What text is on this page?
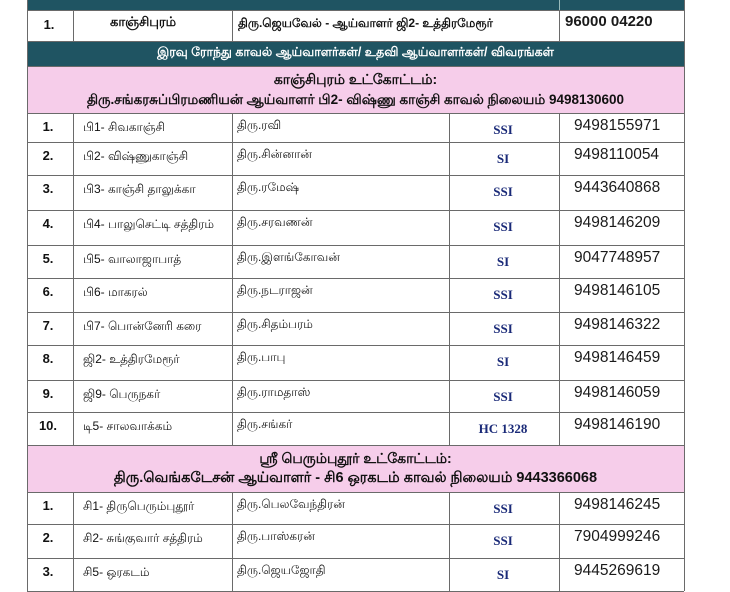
1.	காஞ்சிபுரம்	திரு.ஜெயவேல் - ஆய்வாளர் ஜி2- உத்திரமேரூர்	96000 04220
இரவு ரோந்து காவல் ஆய்வாளர்கள்/ உதவி ஆய்வாளர்கள்/ விவரங்கள்
காஞ்சிபுரம் உட்கோட்டம்:
திரு.சங்கரசுப்பிரமணியன் ஆய்வாளர் பி2- விஷ்ணு காஞ்சி காவல் நிலையம் 9498130600
1.	பி1- சிவகாஞ்சி	திரு.ரவி	SSI	9498155971
2.	பி2- விஷ்ணுகாஞ்சி	திரு.சின்னான்	SI	9498110054
3.	பி3- காஞ்சி தாலுக்கா	திரு.ரமேஷ்	SSI	9443640868
4.	பி4- பாலுசெட்டி சத்திரம் திரு.சரவணன்	SSI	9498146209
5.	பி5- வாலாஜாபாத்	திரு.இளங்கோவன்	SI	9047748957
6.	பி6- மாகரல்	திரு.நடராஜன்	SSI	9498146105
7.	பி7- பொன்னேரி கரை	திரு.சிதம்பரம்	SSI	9498146322
8.	ஜி2- உத்திரமேரூர்	திரு.பாபு	SI	9498146459
9.	ஜி9- பெருநகர்	திரு.ராமதாஸ்	SSI	9498146059
10.	டி5- சாலவாக்கம்	திரு.சங்கர்	HC 1328	9498146190
ஸ்ரீ பெரும்புதூர் உட்கோட்டம்:
திரு.வெங்கடேசன் ஆய்வாளர் - சி6 ஒரகடம் காவல் நிலையம் 9443366068
1.	சி1- திருபெரும்புதூர்	திரு.பெலவேந்திரன்	SSI	9498146245
2.	சி2- சுங்குவார் சத்திரம்	திரு.பாஸ்கரன்	SSI	7904999246
3.	சி5- ஒரகடம்	திரு.ஜெயஜோதி	SI	9445269619
